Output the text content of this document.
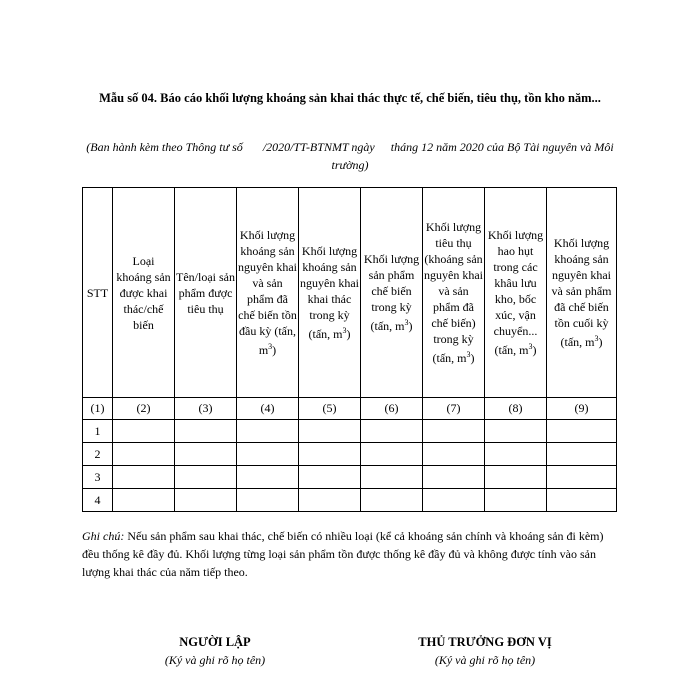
Mẫu số 04. Báo cáo khối lượng khoáng sản khai thác thực tế, chế biến, tiêu thụ, tồn kho năm...
(Ban hành kèm theo Thông tư số /2020/TT-BTNMT ngày tháng 12 năm 2020 của Bộ Tài nguyên và Môi trường)
STT	Loại khoáng sản được khai thác/chế biến	Tên/loại sản phẩm được tiêu thụ	Khối lượng khoáng sản nguyên khai và sản phẩm đã chế biến tồn đầu kỳ (tấn, $m^3$)	Khối lượng khoáng sản nguyên khai khai thác trong kỳ (tấn, $m^3$)	Khối lượng sản phẩm chế biến trong kỳ (tấn, $m^3$)	Khối lượng tiêu thụ (khoáng sản nguyên khai và sản phẩm đã chế biến) trong kỳ (tấn, $m^3$)	Khối lượng hao hụt trong các khâu lưu kho, bốc xúc, vận chuyển... (tấn, $m^3$)	Khối lượng khoáng sản nguyên khai và sản phẩm đã chế biến tồn cuối kỳ (tấn, $m^3$)
(1)	(2)	(3)	(4)	(5)	(6)	(7)	(8)	(9)
1								
2								
3								
4								
Ghi chú: Nếu sản phẩm sau khai thác, chế biến có nhiều loại (kể cả khoáng sản chính và khoáng sản đi kèm) đều thống kê đầy đủ. Khối lượng từng loại sản phẩm tồn được thống kê đầy đủ và không được tính vào sản lượng khai thác của năm tiếp theo.
NGƯỜI LẬP
(Ký và ghi rõ họ tên)
THỦ TRƯỞNG ĐƠN VỊ
(Ký và ghi rõ họ tên)
